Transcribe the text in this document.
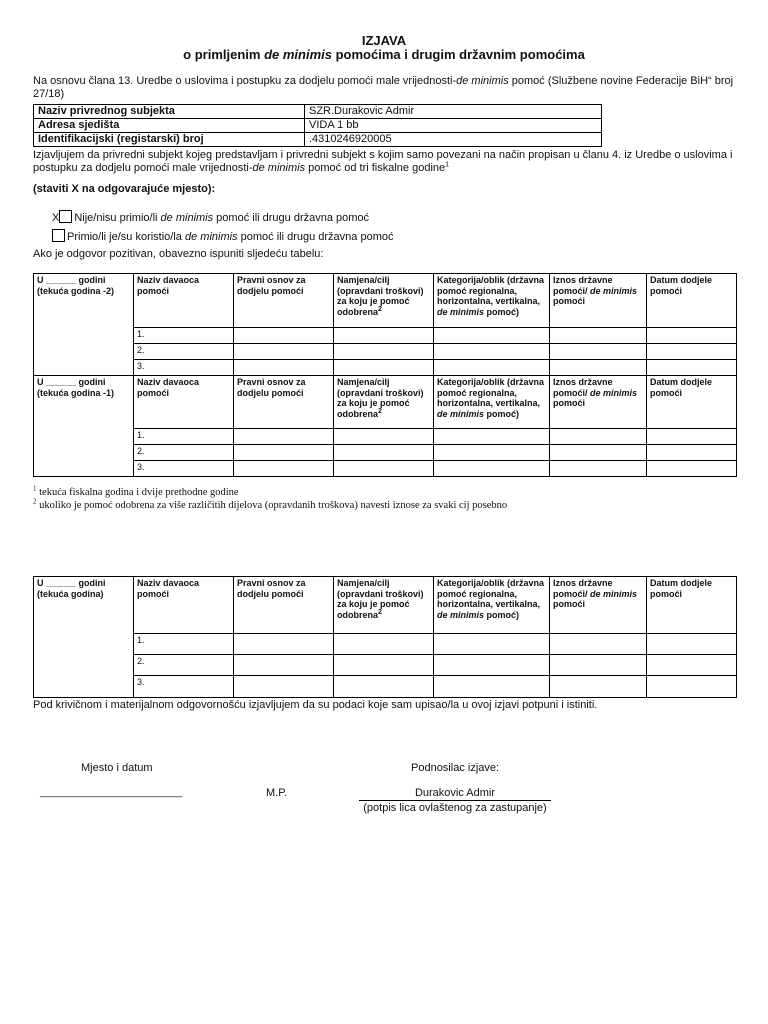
IZJAVA
o primljenim de minimis pomoćima i drugim državnim pomoćima
Na osnovu člana 13. Uredbe o uslovima i postupku za dodjelu pomoći male vrijednosti-de minimis pomoć (Službene novine Federacije BiH“ broj 27/18)
Naziv privrednog subjekta	SZR.Durakovic Admir
Adresa sjedišta	VIDA 1 bb
Identifikacijski (registarski) broj	.4310246920005
Izjavljujem da privredni subjekt kojeg predstavljam i privredni subjekt s kojim samo povezani na način propisan u članu 4. iz Uredbe o uslovima i postupku za dodjelu pomoći male vrijednosti-de minimis pomoć od tri fiskalne godine$^1$
(staviti X na odgovarajuće mjesto):
X Nije/nisu primio/li de minimis pomoć ili drugu državna pomoć
Primio/li je/su koristio/la de minimis pomoć ili drugu državna pomoć
Ako je odgovor pozitivan, obavezno ispuniti sljedeću tabelu:
U ______ godini (tekuća godina -2)	Naziv davaoca pomoći	Pravni osnov za dodjelu pomoći	Namjena/cilj (opravdani troškovi) za koju je pomoć odobrena$^2$	Kategorija/oblik (državna pomoć regionalna, horizontalna, vertikalna, de minimis pomoć)	Iznos državne pomoći/ de minimis pomoći	Datum dodjele pomoći
	1.					
	2.					
	3.					
U ______ godini (tekuća godina -1)	Naziv davaoca pomoći	Pravni osnov za dodjelu pomoći	Namjena/cilj (opravdani troškovi) za koju je pomoć odobrena$^2$	Kategorija/oblik (državna pomoć regionalna, horizontalna, vertikalna, de minimis pomoć)	Iznos državne pomoći/ de minimis pomoći	Datum dodjele pomoći
	1.					
	2.					
	3.					
$^1$ tekuća fiskalna godina i dvije prethodne godine
$^2$ ukoliko je pomoć odobrena za više različitih dijelova (opravdanih troškova) navesti iznose za svaki cij posebno
U ______ godini (tekuća godina)	Naziv davaoca pomoći	Pravni osnov za dodjelu pomoći	Namjena/cilj (opravdani troškovi) za koju je pomoć odobrena$^2$	Kategorija/oblik (državna pomoć regionalna, horizontalna, vertikalna, de minimis pomoć)	Iznos državne pomoći/ de minimis pomoći	Datum dodjele pomoći
	1.					
	2.					
	3.					
Pod krivičnom i materijalnom odgovornošću izjavljujem da su podaci koje sam upisao/la u ovoj izjavi potpuni i istiniti.
Mjesto i datum
___________________________	M.P.
Podnosilac izjave:
Durakovic Admir
(potpis lica ovlaštenog za zastupanje)
